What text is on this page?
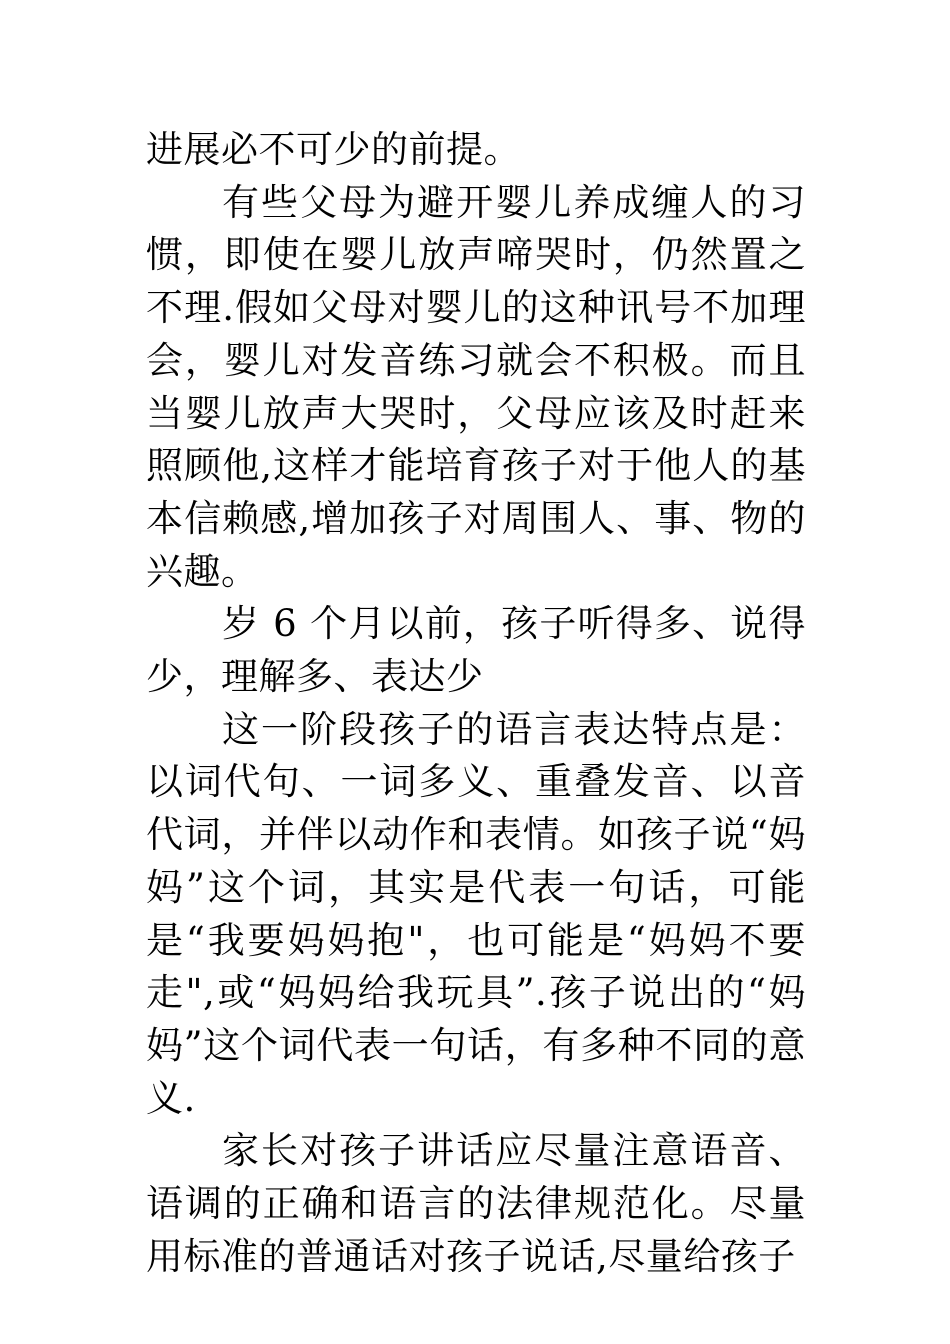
进展必不可少的前提。

有些父母为避开婴儿养成缠人的习惯，即使在婴儿放声啼哭时，仍然置之不理.假如父母对婴儿的这种讯号不加理会，婴儿对发音练习就会不积极。而且当婴儿放声大哭时，父母应该及时赶来照顾他,这样才能培育孩子对于他人的基本信赖感,增加孩子对周围人、事、物的兴趣。

岁 6 个月以前，孩子听得多、说得少，理解多、表达少

这一阶段孩子的语言表达特点是：以词代句、一词多义、重叠发音、以音代词，并伴以动作和表情。如孩子说“妈妈”这个词，其实是代表一句话，可能是“我要妈妈抱"，也可能是“妈妈不要走",或“妈妈给我玩具”.孩子说出的“妈妈”这个词代表一句话，有多种不同的意义.

家长对孩子讲话应尽量注意语音、语调的正确和语言的法律规范化。尽量用标准的普通话对孩子说话,尽量给孩子
